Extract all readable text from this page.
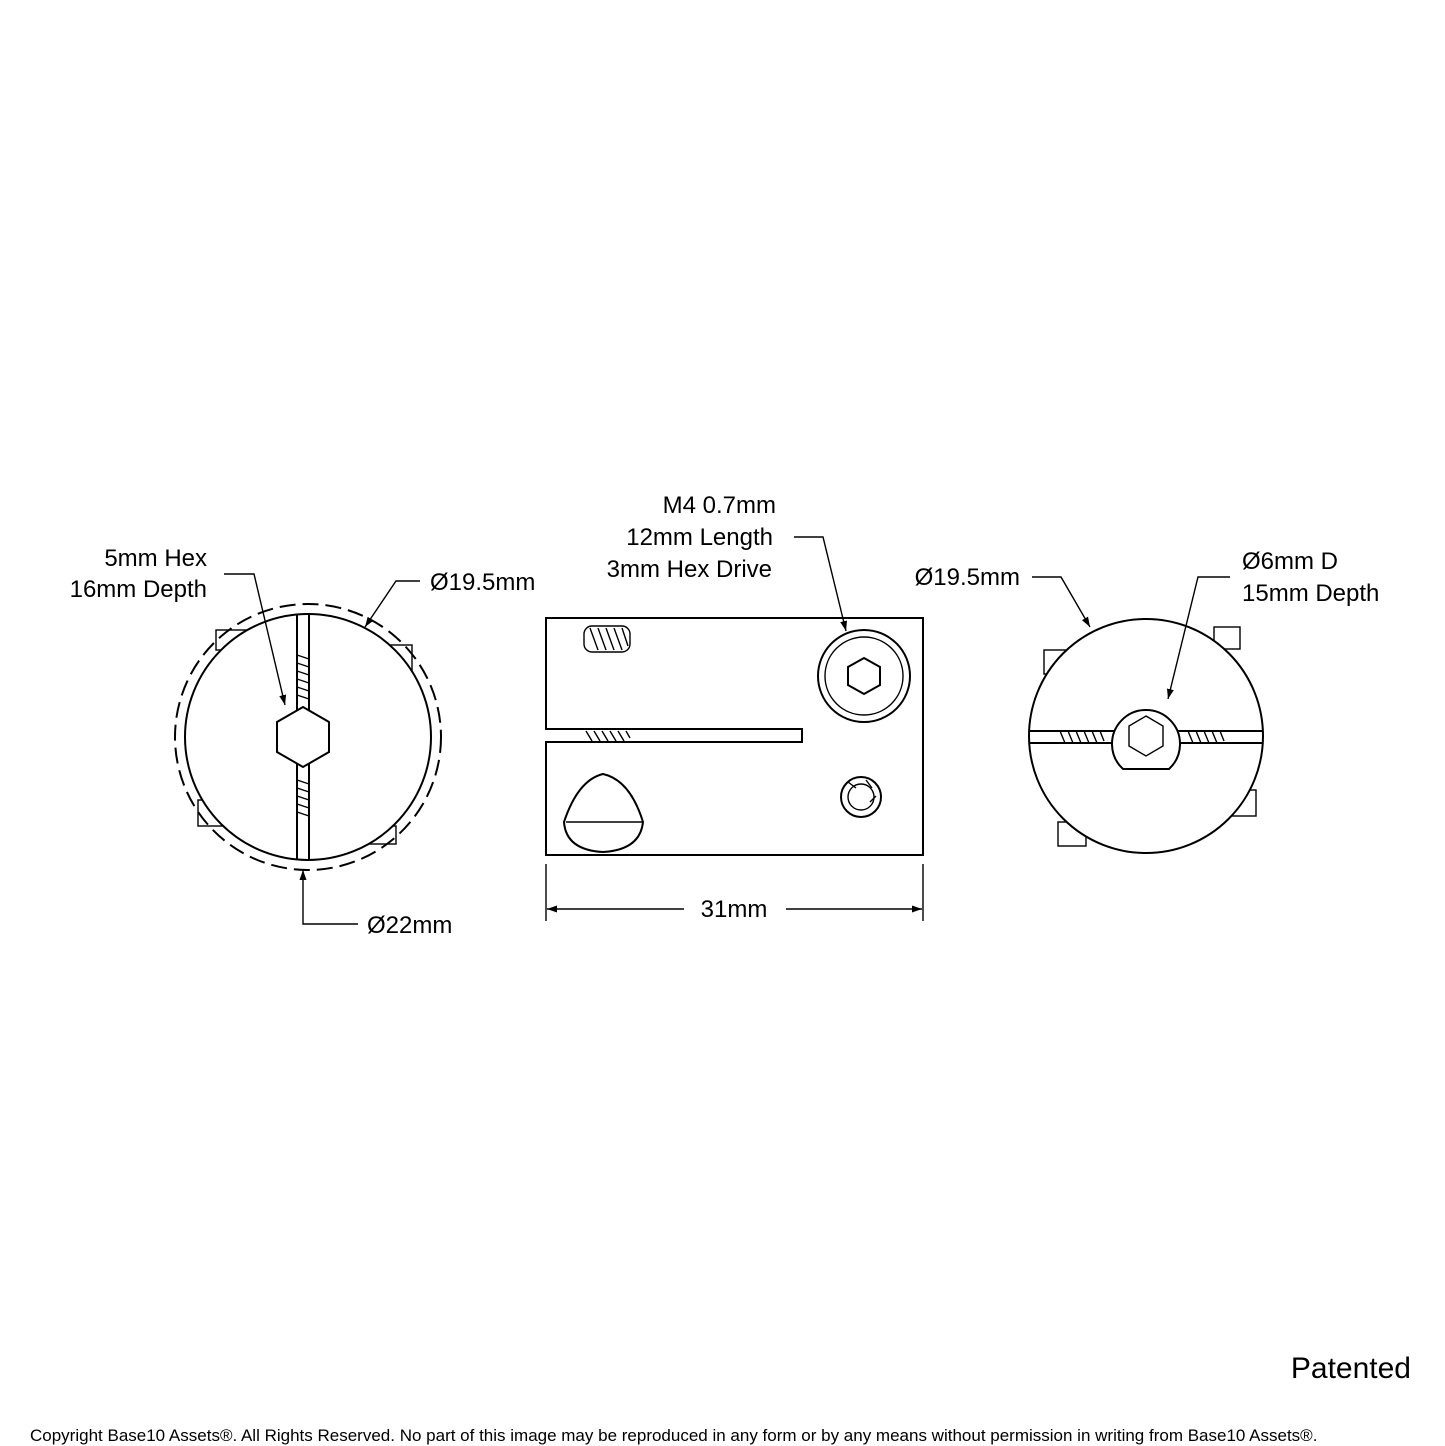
5mm Hex
16mm Depth	Ø19.5mm
Ø22mm
M4 0.7mm
12mm Length
3mm Hex Drive
31mm
Ø19.5mm
Ø6mm D
15mm Depth
Patented
Copyright Base10 Assets®. All Rights Reserved. No part of this image may be reproduced in any form or by any means without permission in writing from Base10 Assets®.
